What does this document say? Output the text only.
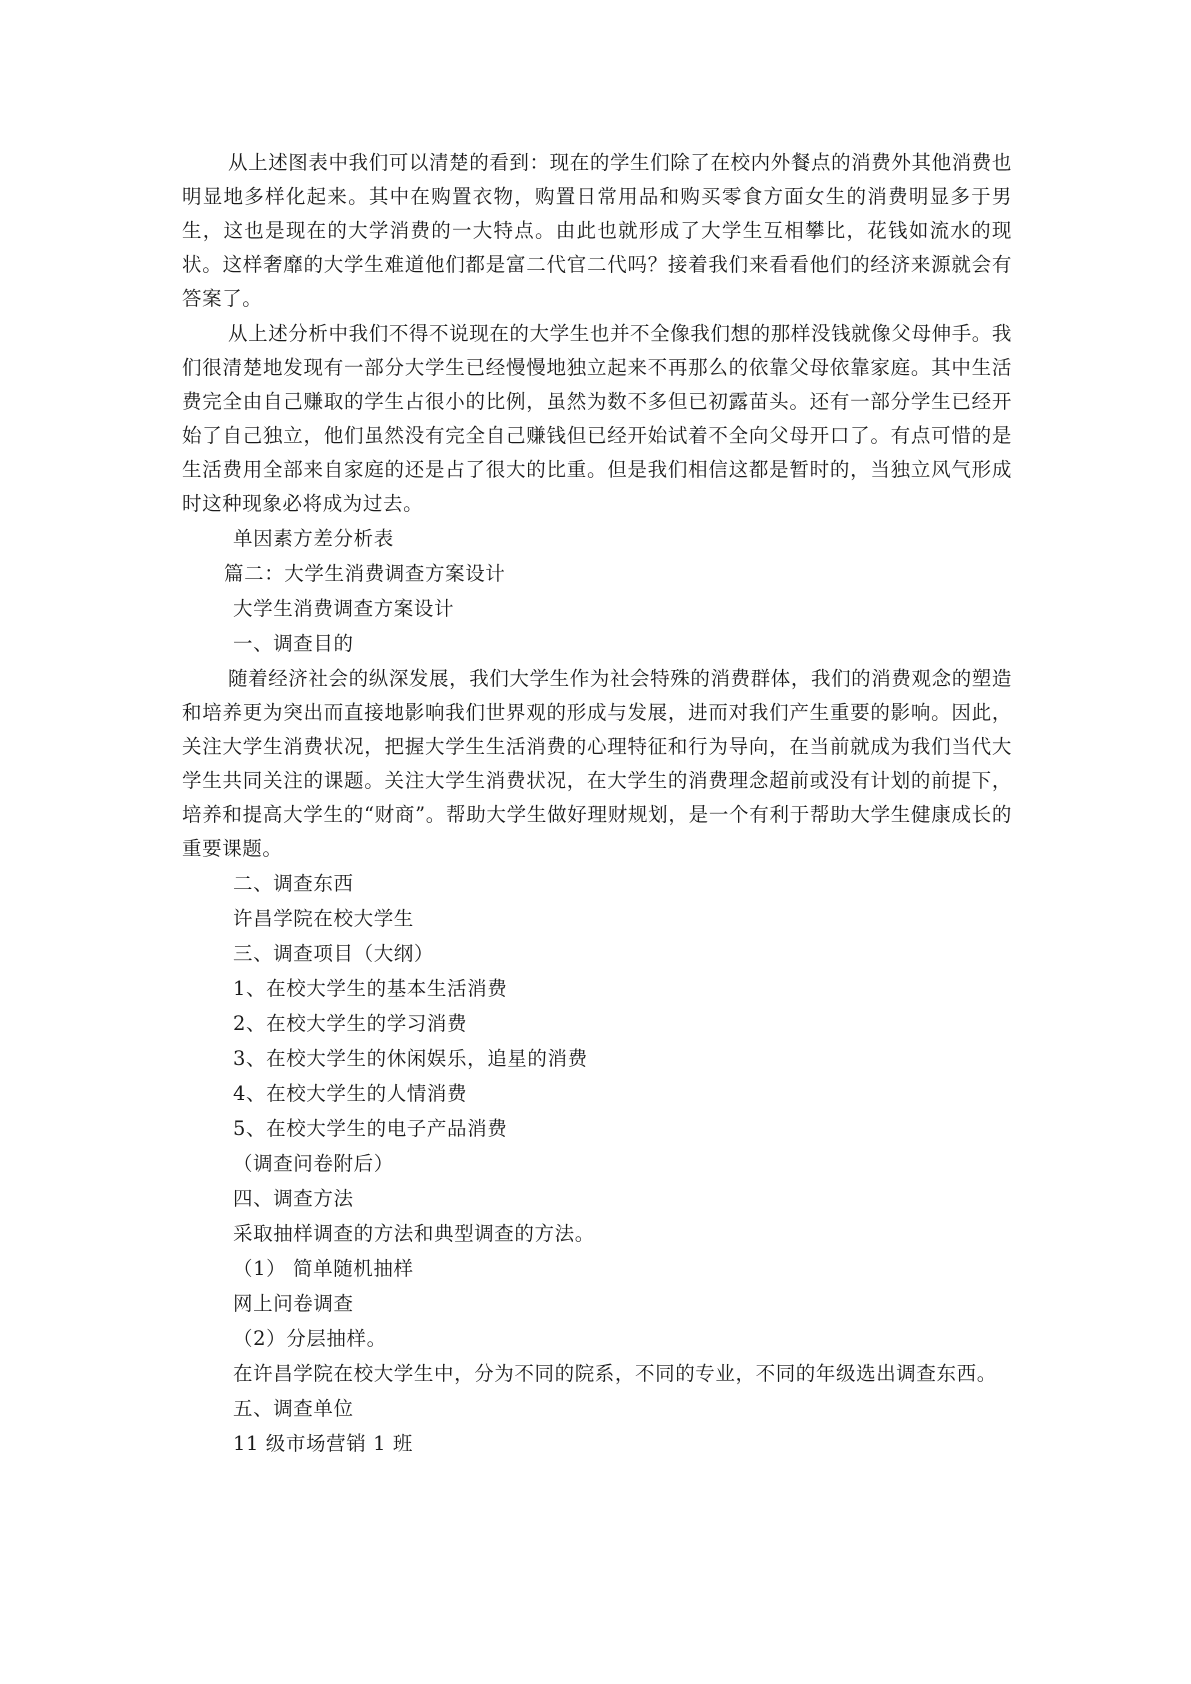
从上述图表中我们可以清楚的看到：现在的学生们除了在校内外餐点的消费外其他消费也明显地多样化起来。其中在购置衣物，购置日常用品和购买零食方面女生的消费明显多于男生，这也是现在的大学消费的一大特点。由此也就形成了大学生互相攀比，花钱如流水的现状。这样奢靡的大学生难道他们都是富二代官二代吗？接着我们来看看他们的经济来源就会有答案了。

从上述分析中我们不得不说现在的大学生也并不全像我们想的那样没钱就像父母伸手。我们很清楚地发现有一部分大学生已经慢慢地独立起来不再那么的依靠父母依靠家庭。其中生活费完全由自己赚取的学生占很小的比例，虽然为数不多但已初露苗头。还有一部分学生已经开始了自己独立，他们虽然没有完全自己赚钱但已经开始试着不全向父母开口了。有点可惜的是生活费用全部来自家庭的还是占了很大的比重。但是我们相信这都是暂时的，当独立风气形成时这种现象必将成为过去。

单因素方差分析表
篇二：大学生消费调查方案设计
大学生消费调查方案设计
一、调查目的

随着经济社会的纵深发展，我们大学生作为社会特殊的消费群体，我们的消费观念的塑造和培养更为突出而直接地影响我们世界观的形成与发展，进而对我们产生重要的影响。因此，关注大学生消费状况，把握大学生生活消费的心理特征和行为导向，在当前就成为我们当代大学生共同关注的课题。关注大学生消费状况，在大学生的消费理念超前或没有计划的前提下，培养和提高大学生的“财商”。帮助大学生做好理财规划，是一个有利于帮助大学生健康成长的重要课题。

二、调查东西
许昌学院在校大学生
三、调查项目（大纲）
1、在校大学生的基本生活消费
2、在校大学生的学习消费
3、在校大学生的休闲娱乐，追星的消费
4、在校大学生的人情消费
5、在校大学生的电子产品消费
（调查问卷附后）
四、调查方法
采取抽样调查的方法和典型调查的方法。
（1） 简单随机抽样
网上问卷调查
（2）分层抽样。
在许昌学院在校大学生中，分为不同的院系，不同的专业，不同的年级选出调查东西。
五、调查单位
11 级市场营销 1 班
